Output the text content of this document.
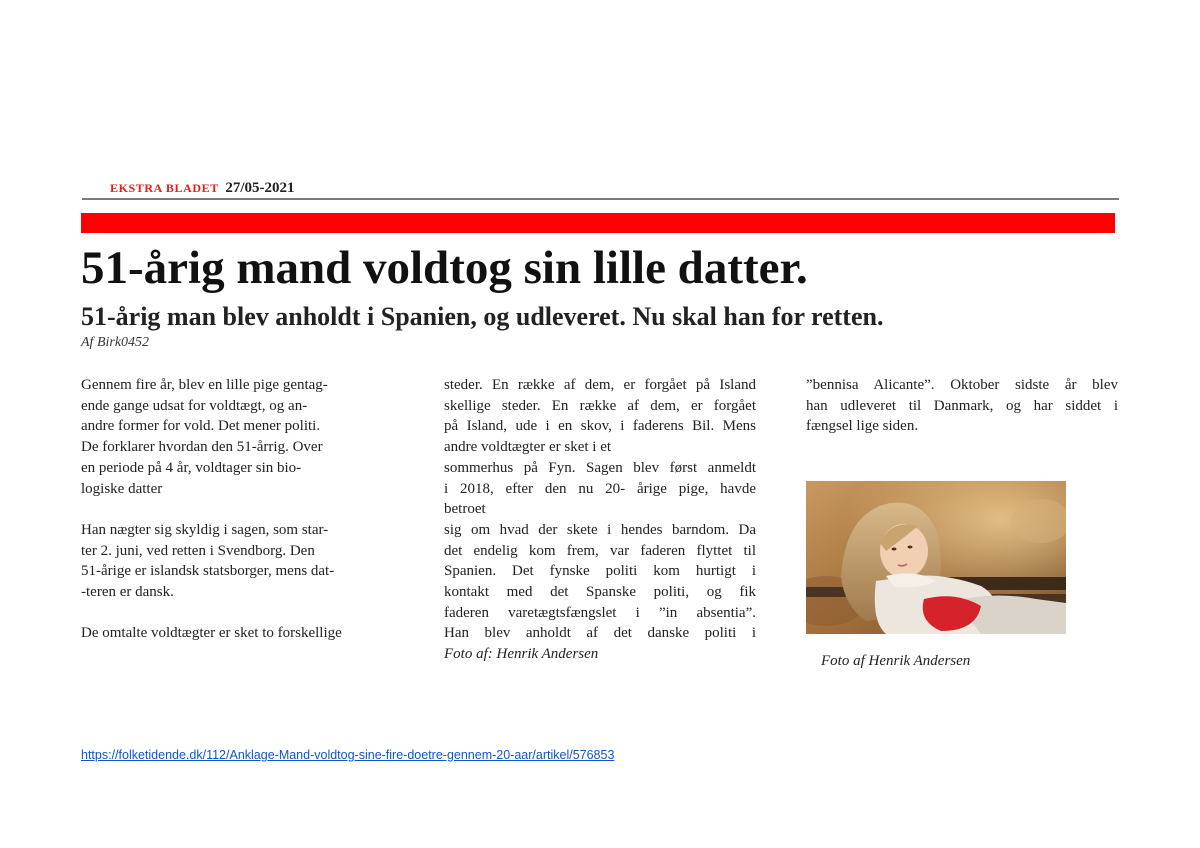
EKSTRA BLADET 27/05-2021
51-årig mand voldtog sin lille datter.
51-årig man blev anholdt i Spanien, og udleveret. Nu skal han for retten.
Af Birk0452
Gennem fire år, blev en lille pige gentag-
ende gange udsat for voldtægt, og an-
andre former for vold. Det mener politi.
De forklarer hvordan den 51-årrig. Over
en periode på 4 år, voldtager sin bio-
logiske datter
Han nægter sig skyldig i sagen, som star-
ter 2. juni, ved retten i Svendborg. Den
51-årige er islandsk statsborger, mens dat-
-teren er dansk.
De omtalte voldtægter er sket to forskellige
steder. En række af dem, er forgået på Island
skellige steder. En række af dem, er forgået
på Island, ude i en skov, i faderens Bil. Mens
andre voldtægter er sket i et
sommerhus på Fyn. Sagen blev først anmeldt
i 2018, efter den nu 20- årige pige, havde
betroet
sig om hvad der skete i hendes barndom. Da
det endelig kom frem, var faderen flyttet til
Spanien. Det fynske politi kom hurtigt i
kontakt med det Spanske politi, og fik
faderen varetægtsfængslet i ”in absentia”.
Han blev anholdt af det danske politi i
Foto af: Henrik Andersen
”bennisa Alicante”. Oktober sidste år blev
han udleveret til Danmark, og har siddet i
fængsel lige siden.
Foto af Henrik Andersen
https://folketidende.dk/112/Anklage-Mand-voldtog-sine-fire-doetre-gennem-20-aar/artikel/576853
